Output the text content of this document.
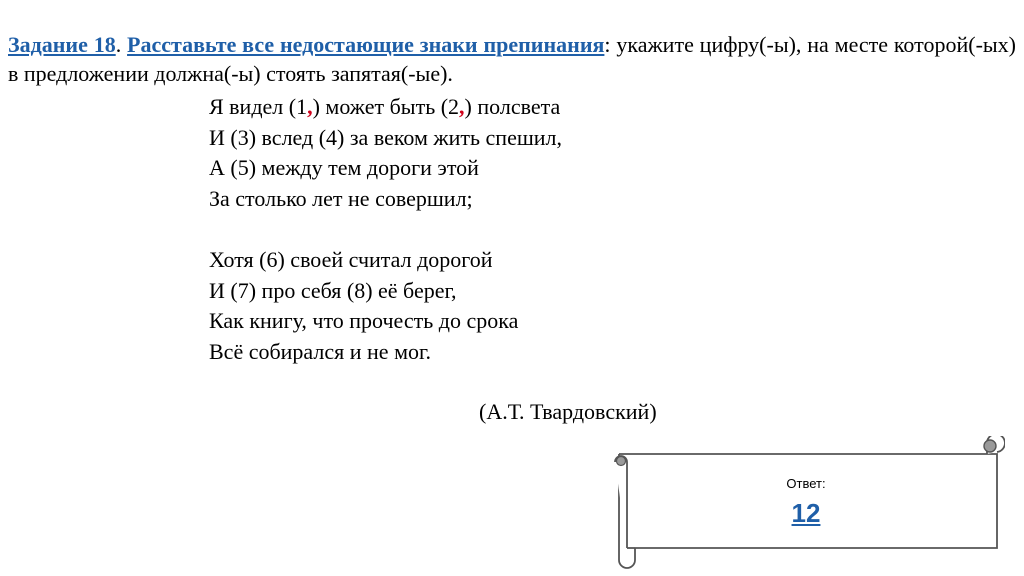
Задание 18. Расставьте все недостающие знаки препинания: укажите цифру(-ы), на месте которой(-ых) в предложении должна(-ы) стоять запятая(-ые).
Я видел (1,) может быть (2,) полсвета
И (3) вслед (4) за веком жить спешил,
А (5) между тем дороги этой
За столько лет не совершил;
Хотя (6) своей считал дорогой
И (7) про себя (8) её берег,
Как книгу, что прочесть до срока
Всё собирался и не мог.
(А.Т. Твардовский)
Ответ:
12
